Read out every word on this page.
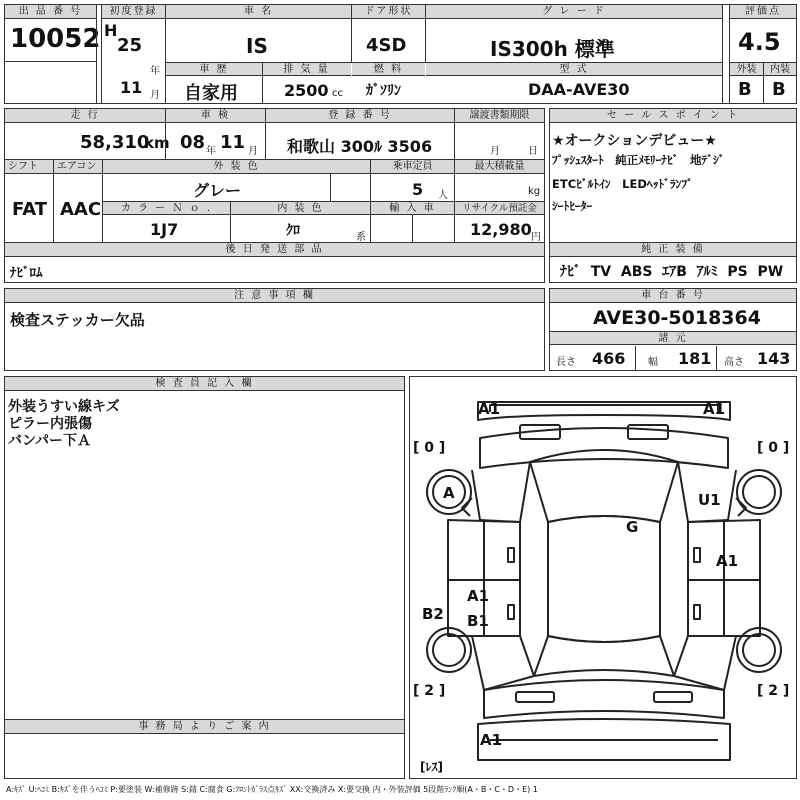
出 品 番 号
10052
初度登録
H
25
年
11 月
車 名
IS
ドア形状
4SD
グ レ ー ド
IS300h 標準
評価点
4.5
車 歴	排 気 量	燃 料	型 式
自家用	2500 cc ｶﾞｿﾘﾝ	DAA-AVE30
外装	内装
B B
走 行
58,310
km
車 検
08 年 11 月
登 録 番 号
和歌山 300ﾙ 3506
譲渡書類期限
月	日
シフト	エアコン
FAT AAC
外 装 色
グレー
乗車定員
5 人
最大積載量
kg
カ ラ ー Ｎ ｏ .	内 装 色	輸 入 車	リサイクル預託金
1J7	ｸﾛ	系	12,980 円
後 日 発 送 部 品
ﾅﾋﾞﾛﾑ
セ ー ル ス ポ イ ン ト
★オークションデビュー★
ﾌﾟｯｼｭｽﾀｰﾄ　純正ﾒﾓﾘｰﾅﾋﾞ　地ﾃﾞｼﾞ
ETCﾋﾞﾙﾄｲﾝ　LEDﾍｯﾄﾞﾗﾝﾌﾟ
ｼｰﾄﾋｰﾀｰ
純 正 装 備
ﾅﾋﾞ TV ABS ｴｱB ｱﾙﾐ PS PW
注 意 事 項 欄
検査ステッカー欠品
車 台 番 号
AVE30-5018364
諸 元
長さ 466 幅 181 高さ 143
検 査 員 記 入 欄
外装うすい線キズ
ピラー内張傷
バンパー下Ａ
事 務 局 よ り ご 案 内
A1	A1
A	U1
G
A1
A1
B1
B2
A1
[ 0 ]	[ 0 ]
[ 2 ]	[ 2 ]
[ﾚｽ]
A:ｷｽﾞ U:ﾍｺﾐ B:ｷｽﾞを伴うﾍｺﾐ P:要塗装 W:補修跡 S:錆 C:腐食 G:ﾌﾛﾝﾄｶﾞﾗｽ点ｷｽﾞ XX:交換済み X:要交換 内・外装評価 5段階ﾗﾝｸ順(A・B・C・D・E) 1
